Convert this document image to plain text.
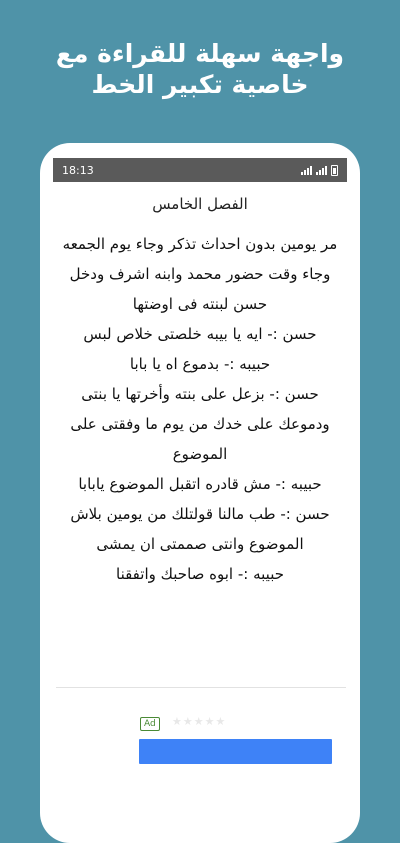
واجهة سهلة للقراءة مع
خاصية تكبير الخط
18:13
الفصل الخامس

مر يومين بدون احداث تذكر وجاء يوم الجمعه وجاء وقت حضور محمد وابنه اشرف ودخل حسن لبنته فى اوضتها

حسن :- ايه يا بيبه خلصتى خلاص لبس

حبيبه :- بدموع اه يا بابا

حسن :- بزعل على بنته وأخرتها يا بنتى ودموعك على خدك من يوم ما وفقتى على الموضوع

حبيبه :- مش قادره اتقبل الموضوع يابابا

حسن :- طب مالنا قولتلك من يومين بلاش الموضوع وانتى صممتى ان يمشى

حبيبه :- ابوه صاحبك واتفقنا

Ad	★★★★★
